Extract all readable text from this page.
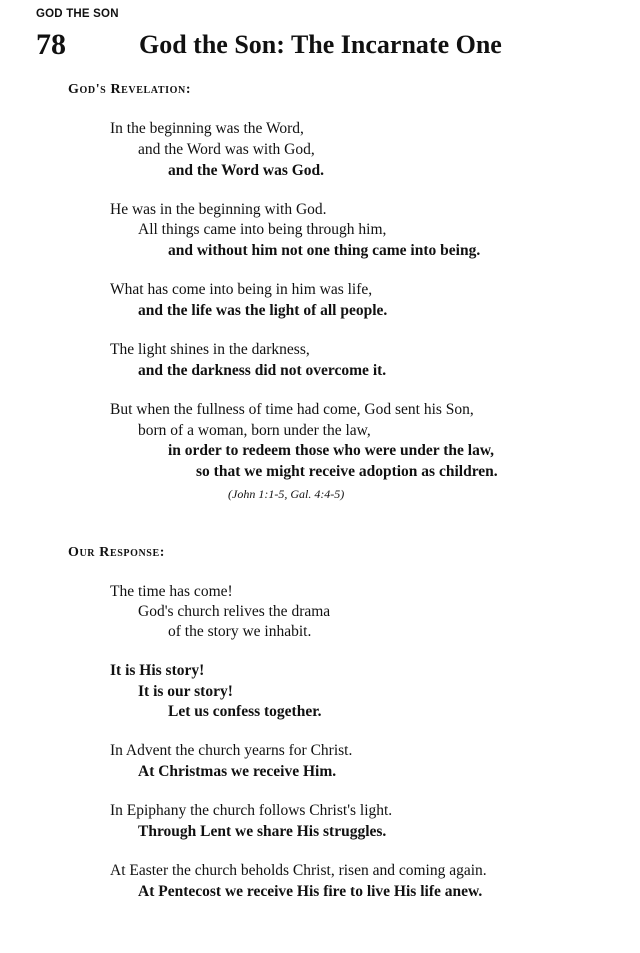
GOD THE SON
78	God the Son: The Incarnate One
God's Revelation:
In the beginning was the Word,
and the Word was with God,
and the Word was God.
He was in the beginning with God.
All things came into being through him,
and without him not one thing came into being.
What has come into being in him was life,
and the life was the light of all people.
The light shines in the darkness,
and the darkness did not overcome it.
But when the fullness of time had come, God sent his Son,
born of a woman, born under the law,
in order to redeem those who were under the law,
so that we might receive adoption as children.
(John 1:1-5, Gal. 4:4-5)
Our Response:
The time has come!
God's church relives the drama
of the story we inhabit.
It is His story!
It is our story!
Let us confess together.
In Advent the church yearns for Christ.
At Christmas we receive Him.
In Epiphany the church follows Christ's light.
Through Lent we share His struggles.
At Easter the church beholds Christ, risen and coming again.
At Pentecost we receive His fire to live His life anew.
